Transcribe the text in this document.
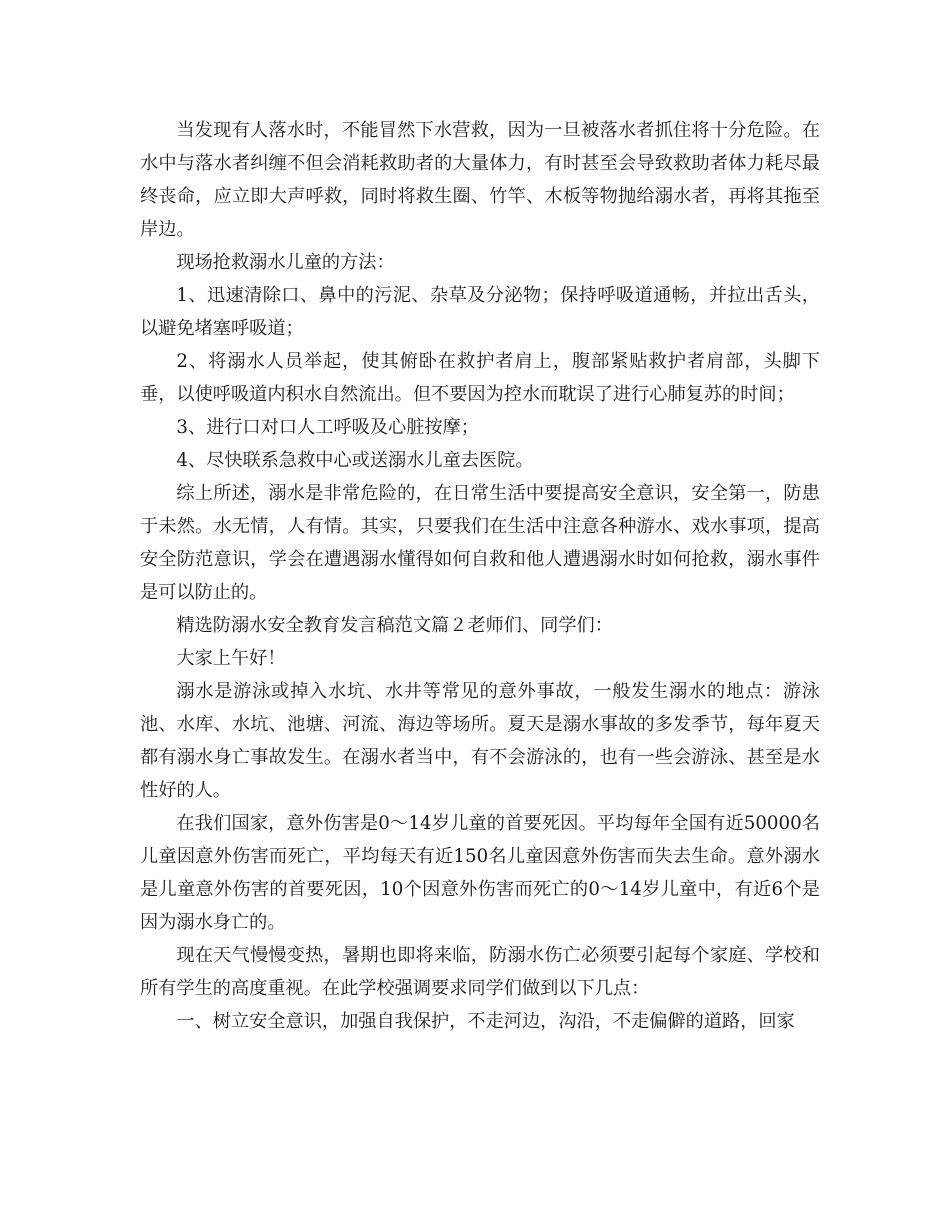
当发现有人落水时，不能冒然下水营救，因为一旦被落水者抓住将十分危险。在水中与落水者纠缠不但会消耗救助者的大量体力，有时甚至会导致救助者体力耗尽最终丧命，应立即大声呼救，同时将救生圈、竹竿、木板等物抛给溺水者，再将其拖至岸边。

现场抢救溺水儿童的方法：

1、迅速清除口、鼻中的污泥、杂草及分泌物；保持呼吸道通畅，并拉出舌头，以避免堵塞呼吸道；

2、将溺水人员举起，使其俯卧在救护者肩上，腹部紧贴救护者肩部，头脚下垂，以使呼吸道内积水自然流出。但不要因为控水而耽误了进行心肺复苏的时间；

3、进行口对口人工呼吸及心脏按摩；

4、尽快联系急救中心或送溺水儿童去医院。

综上所述，溺水是非常危险的，在日常生活中要提高安全意识，安全第一，防患于未然。水无情，人有情。其实，只要我们在生活中注意各种游水、戏水事项，提高安全防范意识，学会在遭遇溺水懂得如何自救和他人遭遇溺水时如何抢救，溺水事件是可以防止的。

精选防溺水安全教育发言稿范文篇２老师们、同学们：

大家上午好！

溺水是游泳或掉入水坑、水井等常见的意外事故，一般发生溺水的地点：游泳池、水库、水坑、池塘、河流、海边等场所。夏天是溺水事故的多发季节，每年夏天都有溺水身亡事故发生。在溺水者当中，有不会游泳的，也有一些会游泳、甚至是水性好的人。

在我们国家，意外伤害是0～14岁儿童的首要死因。平均每年全国有近50000名儿童因意外伤害而死亡，平均每天有近150名儿童因意外伤害而失去生命。意外溺水是儿童意外伤害的首要死因，10个因意外伤害而死亡的0～14岁儿童中，有近6个是因为溺水身亡的。

现在天气慢慢变热，暑期也即将来临，防溺水伤亡必须要引起每个家庭、学校和所有学生的高度重视。在此学校强调要求同学们做到以下几点：

一、树立安全意识，加强自我保护，不走河边，沟沿，不走偏僻的道路，回家
